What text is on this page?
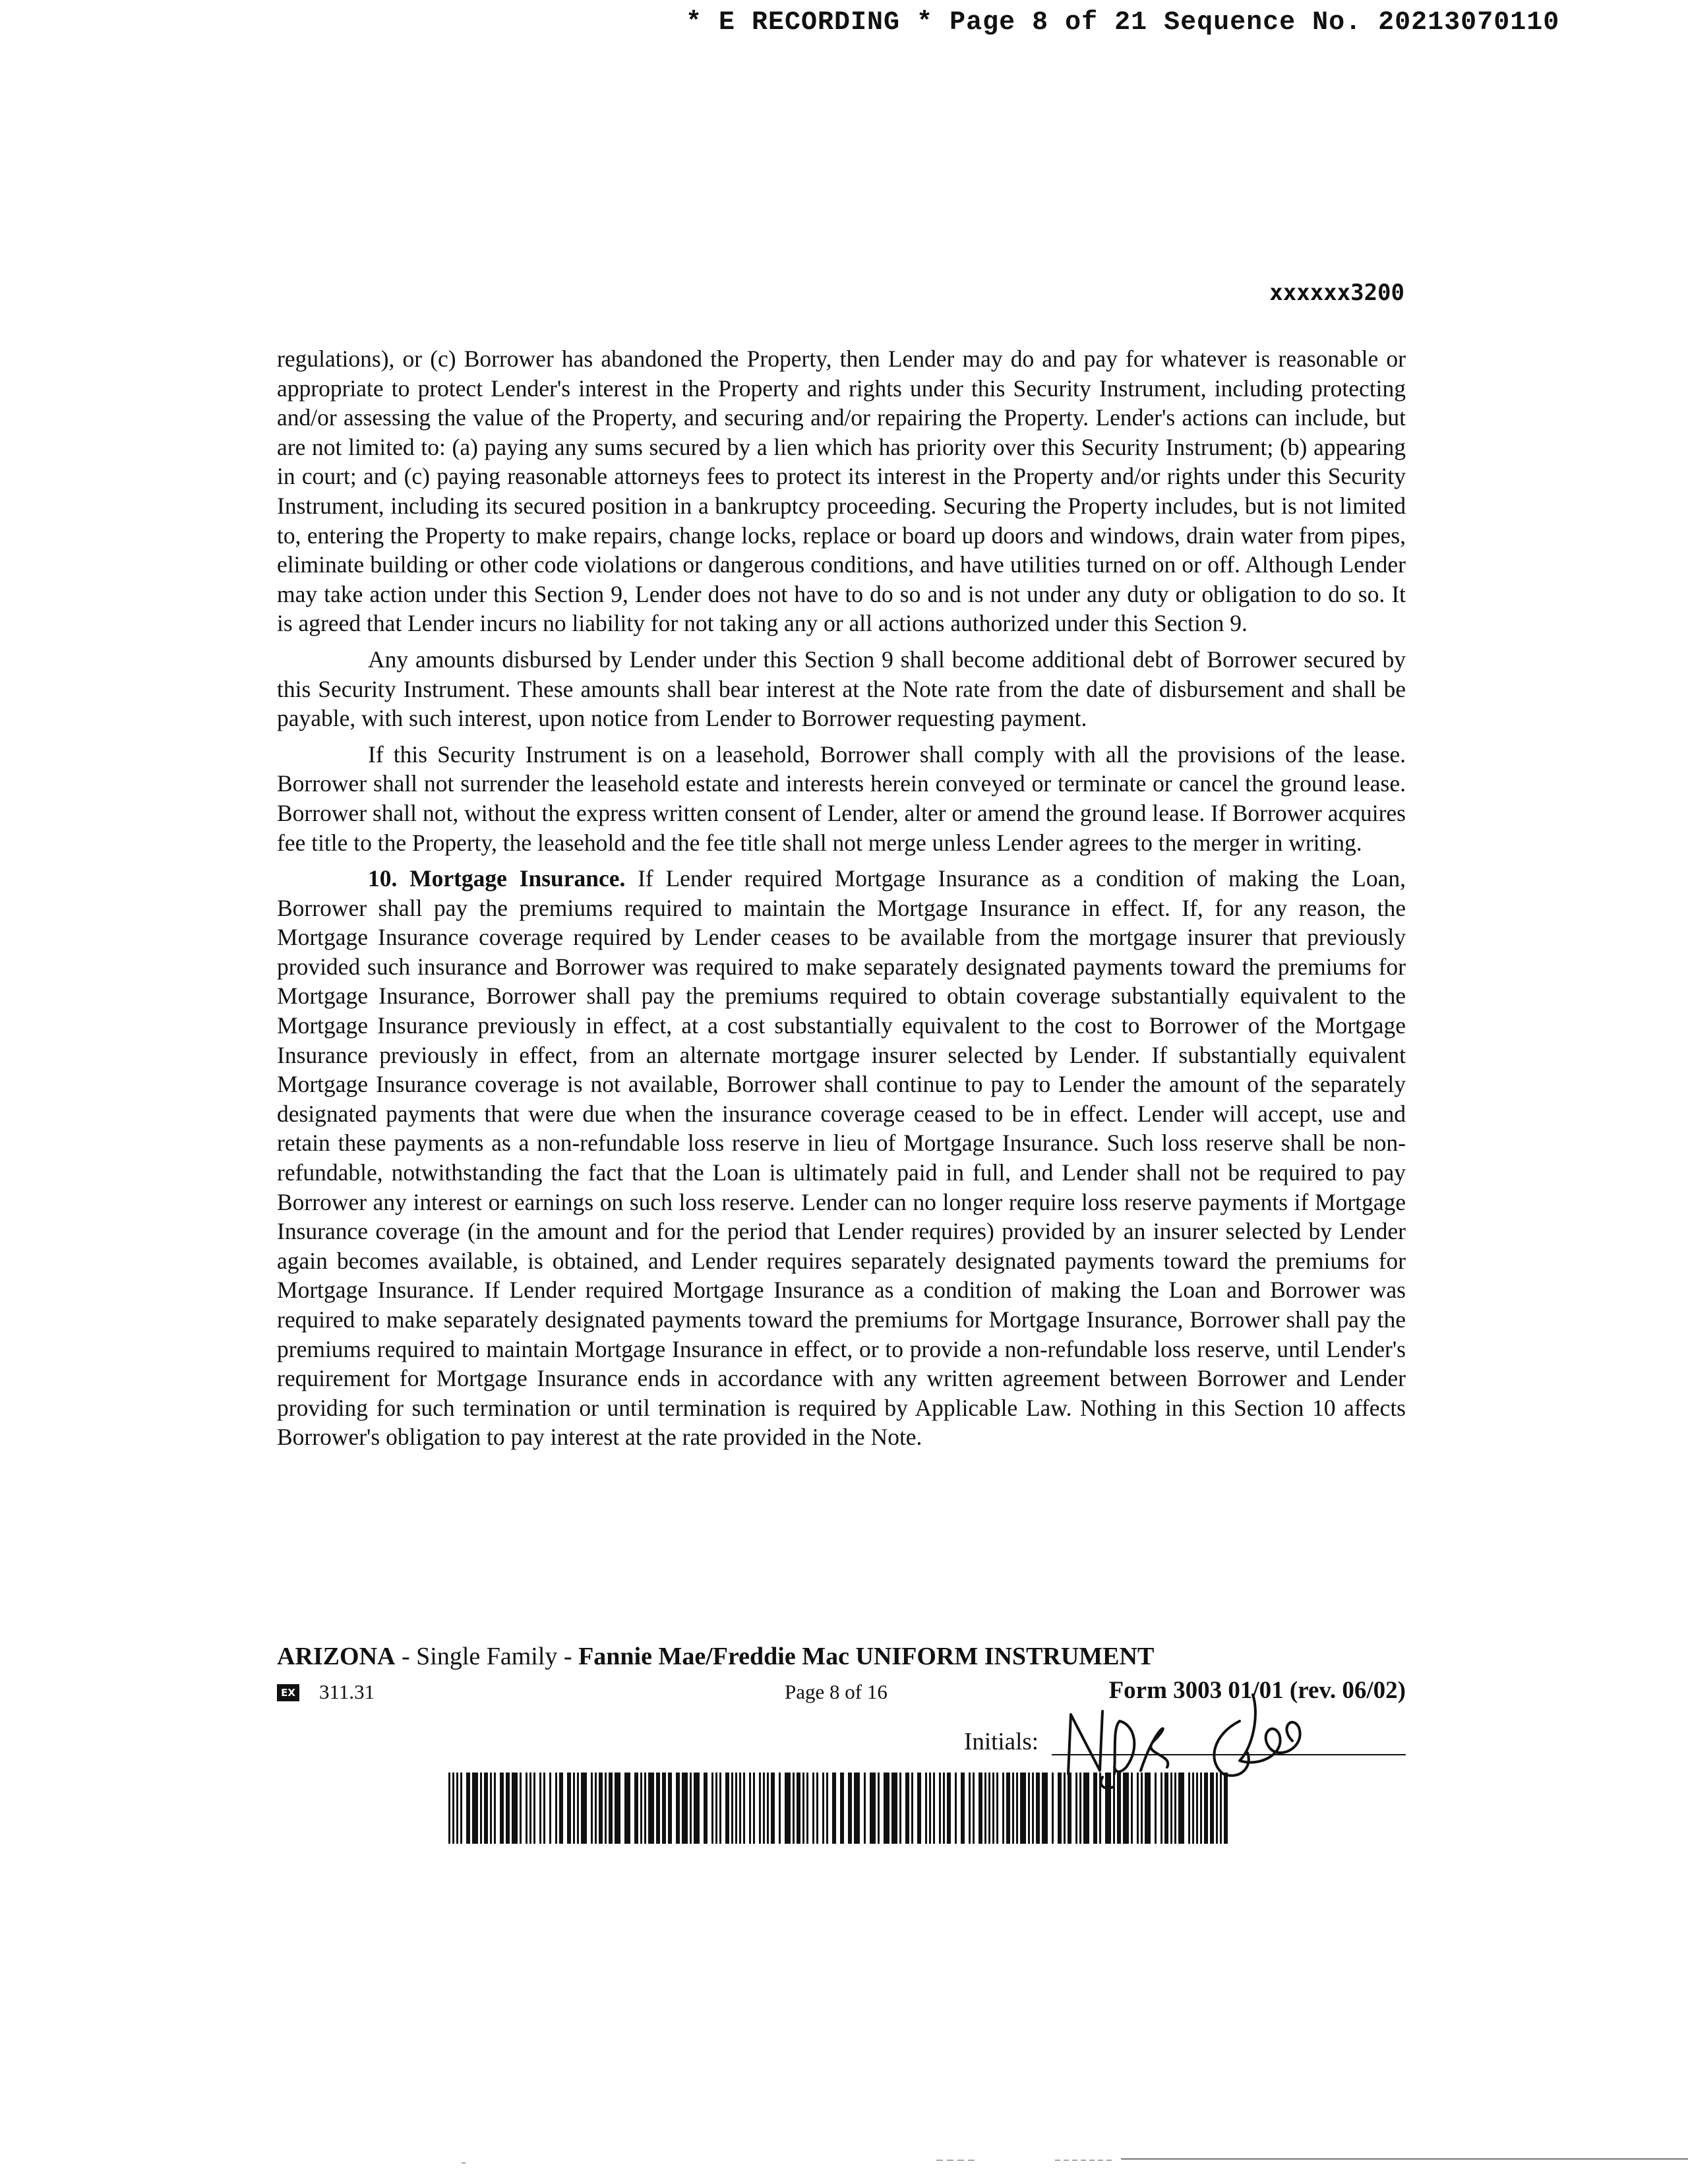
* E RECORDING * Page 8 of 21 Sequence No. 20213070110
xxxxxx3200

regulations), or (c) Borrower has abandoned the Property, then Lender may do and pay for whatever is reasonable or appropriate to protect Lender's interest in the Property and rights under this Security Instrument, including protecting and/or assessing the value of the Property, and securing and/or repairing the Property. Lender's actions can include, but are not limited to: (a) paying any sums secured by a lien which has priority over this Security Instrument; (b) appearing in court; and (c) paying reasonable attorneys fees to protect its interest in the Property and/or rights under this Security Instrument, including its secured position in a bankruptcy proceeding. Securing the Property includes, but is not limited to, entering the Property to make repairs, change locks, replace or board up doors and windows, drain water from pipes, eliminate building or other code violations or dangerous conditions, and have utilities turned on or off. Although Lender may take action under this Section 9, Lender does not have to do so and is not under any duty or obligation to do so. It is agreed that Lender incurs no liability for not taking any or all actions authorized under this Section 9.

Any amounts disbursed by Lender under this Section 9 shall become additional debt of Borrower secured by this Security Instrument. These amounts shall bear interest at the Note rate from the date of disbursement and shall be payable, with such interest, upon notice from Lender to Borrower requesting payment.

If this Security Instrument is on a leasehold, Borrower shall comply with all the provisions of the lease. Borrower shall not surrender the leasehold estate and interests herein conveyed or terminate or cancel the ground lease. Borrower shall not, without the express written consent of Lender, alter or amend the ground lease. If Borrower acquires fee title to the Property, the leasehold and the fee title shall not merge unless Lender agrees to the merger in writing.

10. Mortgage Insurance. If Lender required Mortgage Insurance as a condition of making the Loan, Borrower shall pay the premiums required to maintain the Mortgage Insurance in effect. If, for any reason, the Mortgage Insurance coverage required by Lender ceases to be available from the mortgage insurer that previously provided such insurance and Borrower was required to make separately designated payments toward the premiums for Mortgage Insurance, Borrower shall pay the premiums required to obtain coverage substantially equivalent to the Mortgage Insurance previously in effect, at a cost substantially equivalent to the cost to Borrower of the Mortgage Insurance previously in effect, from an alternate mortgage insurer selected by Lender. If substantially equivalent Mortgage Insurance coverage is not available, Borrower shall continue to pay to Lender the amount of the separately designated payments that were due when the insurance coverage ceased to be in effect. Lender will accept, use and retain these payments as a non-refundable loss reserve in lieu of Mortgage Insurance. Such loss reserve shall be non-refundable, notwithstanding the fact that the Loan is ultimately paid in full, and Lender shall not be required to pay Borrower any interest or earnings on such loss reserve. Lender can no longer require loss reserve payments if Mortgage Insurance coverage (in the amount and for the period that Lender requires) provided by an insurer selected by Lender again becomes available, is obtained, and Lender requires separately designated payments toward the premiums for Mortgage Insurance. If Lender required Mortgage Insurance as a condition of making the Loan and Borrower was required to make separately designated payments toward the premiums for Mortgage Insurance, Borrower shall pay the premiums required to maintain Mortgage Insurance in effect, or to provide a non-refundable loss reserve, until Lender's requirement for Mortgage Insurance ends in accordance with any written agreement between Borrower and Lender providing for such termination or until termination is required by Applicable Law. Nothing in this Section 10 affects Borrower's obligation to pay interest at the rate provided in the Note.

ARIZONA - Single Family - Fannie Mae/Freddie Mac UNIFORM INSTRUMENT
EX 311.31	Page 8 of 16	Form 3003 01/01 (rev. 06/02)
Initials:
